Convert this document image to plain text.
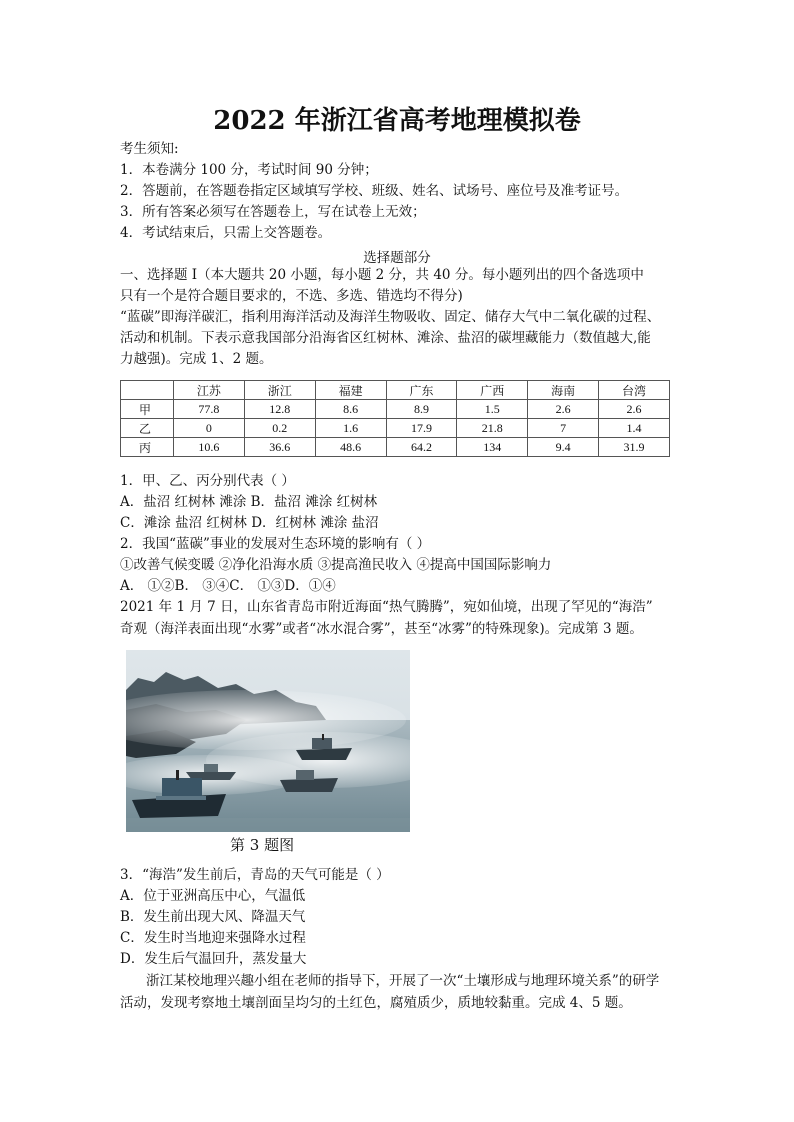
2022 年浙江省高考地理模拟卷
考生须知:
1．本卷满分 100 分，考试时间 90 分钟；
2．答题前，在答题卷指定区域填写学校、班级、姓名、试场号、座位号及准考证号。
3．所有答案必须写在答题卷上，写在试卷上无效；
4．考试结束后，只需上交答题卷。
选择题部分
一、选择题 Ⅰ（本大题共 20 小题，每小题 2 分，共 40 分。每小题列出的四个备选项中
只有一个是符合题目要求的，不选、多选、错选均不得分)
“蓝碳”即海洋碳汇，指利用海洋活动及海洋生物吸收、固定、储存大气中二氧化碳的过程、
活动和机制。下表示意我国部分沿海省区红树林、滩涂、盐沼的碳埋藏能力（数值越大,能
力越强)。完成 1、2 题。
	江苏	浙江	福建	广东	广西	海南	台湾
甲	77.8	12.8	8.6	8.9	1.5	2.6	2.6
乙	0	0.2	1.6	17.9	21.8	7	1.4
丙	10.6	36.6	48.6	64.2	134	9.4	31.9
1．甲、乙、丙分别代表（ ）
A．盐沼 红树林 滩涂 B．盐沼 滩涂 红树林
C．滩涂 盐沼 红树林 D．红树林 滩涂 盐沼
2．我国“蓝碳”事业的发展对生态环境的影响有（ ）
①改善气候变暖 ②净化沿海水质 ③提高渔民收入 ④提高中国国际影响力
A． ①②B． ③④C． ①③D．①④
2021 年 1 月 7 日，山东省青岛市附近海面“热气腾腾”，宛如仙境，出现了罕见的“海浩”
奇观（海洋表面出现“水雾”或者“冰水混合雾”，甚至“冰雾”的特殊现象)。完成第 3 题。
第 3 题图
3．“海浩”发生前后，青岛的天气可能是（ ）
A．位于亚洲高压中心，气温低
B．发生前出现大风、降温天气
C．发生时当地迎来强降水过程
D．发生后气温回升，蒸发量大
浙江某校地理兴趣小组在老师的指导下，开展了一次“土壤形成与地理环境关系”的研学
活动，发现考察地土壤剖面呈均匀的土红色，腐殖质少，质地较黏重。完成 4、5 题。
